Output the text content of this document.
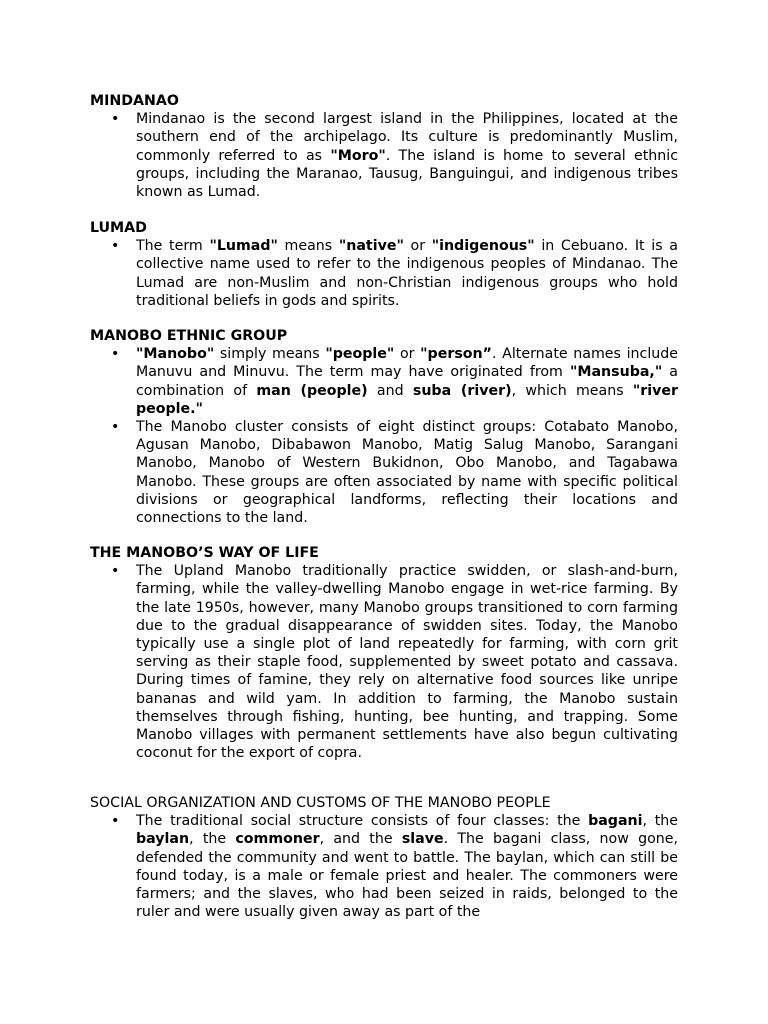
MINDANAO
• Mindanao is the second largest island in the Philippines, located at the southern end of the archipelago. Its culture is predominantly Muslim, commonly referred to as "Moro". The island is home to several ethnic groups, including the Maranao, Tausug, Banguingui, and indigenous tribes known as Lumad.
LUMAD
• The term "Lumad" means "native" or "indigenous" in Cebuano. It is a collective name used to refer to the indigenous peoples of Mindanao. The Lumad are non-Muslim and non-Christian indigenous groups who hold traditional beliefs in gods and spirits.
MANOBO ETHNIC GROUP
• "Manobo" simply means "people" or "person”. Alternate names include Manuvu and Minuvu. The term may have originated from "Mansuba," a combination of man (people) and suba (river), which means "river people."
• The Manobo cluster consists of eight distinct groups: Cotabato Manobo, Agusan Manobo, Dibabawon Manobo, Matig Salug Manobo, Sarangani Manobo, Manobo of Western Bukidnon, Obo Manobo, and Tagabawa Manobo. These groups are often associated by name with specific political divisions or geographical landforms, reflecting their locations and connections to the land.
THE MANOBO’S WAY OF LIFE
• The Upland Manobo traditionally practice swidden, or slash-and-burn, farming, while the valley-dwelling Manobo engage in wet-rice farming. By the late 1950s, however, many Manobo groups transitioned to corn farming due to the gradual disappearance of swidden sites. Today, the Manobo typically use a single plot of land repeatedly for farming, with corn grit serving as their staple food, supplemented by sweet potato and cassava. During times of famine, they rely on alternative food sources like unripe bananas and wild yam. In addition to farming, the Manobo sustain themselves through fishing, hunting, bee hunting, and trapping. Some Manobo villages with permanent settlements have also begun cultivating coconut for the export of copra.
SOCIAL ORGANIZATION AND CUSTOMS OF THE MANOBO PEOPLE
• The traditional social structure consists of four classes: the bagani, the baylan, the commoner, and the slave. The bagani class, now gone, defended the community and went to battle. The baylan, which can still be found today, is a male or female priest and healer. The commoners were farmers; and the slaves, who had been seized in raids, belonged to the ruler and were usually given away as part of the
